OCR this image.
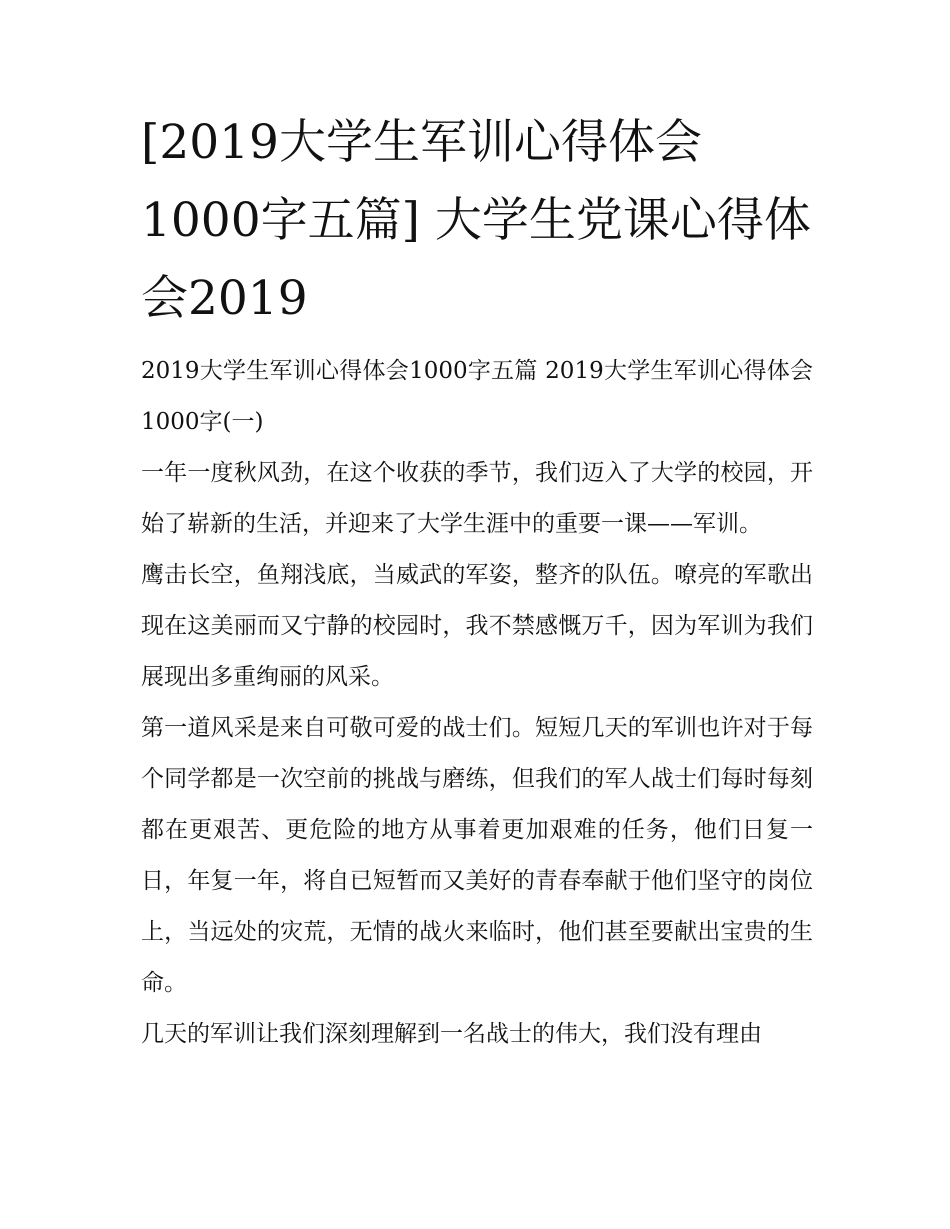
[2019大学生军训心得体会1000字五篇] 大学生党课心得体会2019

2019大学生军训心得体会1000字五篇 2019大学生军训心得体会1000字(一)

一年一度秋风劲，在这个收获的季节，我们迈入了大学的校园，开始了崭新的生活，并迎来了大学生涯中的重要一课——军训。

鹰击长空，鱼翔浅底，当威武的军姿，整齐的队伍。嘹亮的军歌出现在这美丽而又宁静的校园时，我不禁感慨万千，因为军训为我们展现出多重绚丽的风采。

第一道风采是来自可敬可爱的战士们。短短几天的军训也许对于每个同学都是一次空前的挑战与磨练，但我们的军人战士们每时每刻都在更艰苦、更危险的地方从事着更加艰难的任务，他们日复一日，年复一年，将自已短暂而又美好的青春奉献于他们坚守的岗位上，当远处的灾荒，无情的战火来临时，他们甚至要献出宝贵的生命。

几天的军训让我们深刻理解到一名战士的伟大，我们没有理由
